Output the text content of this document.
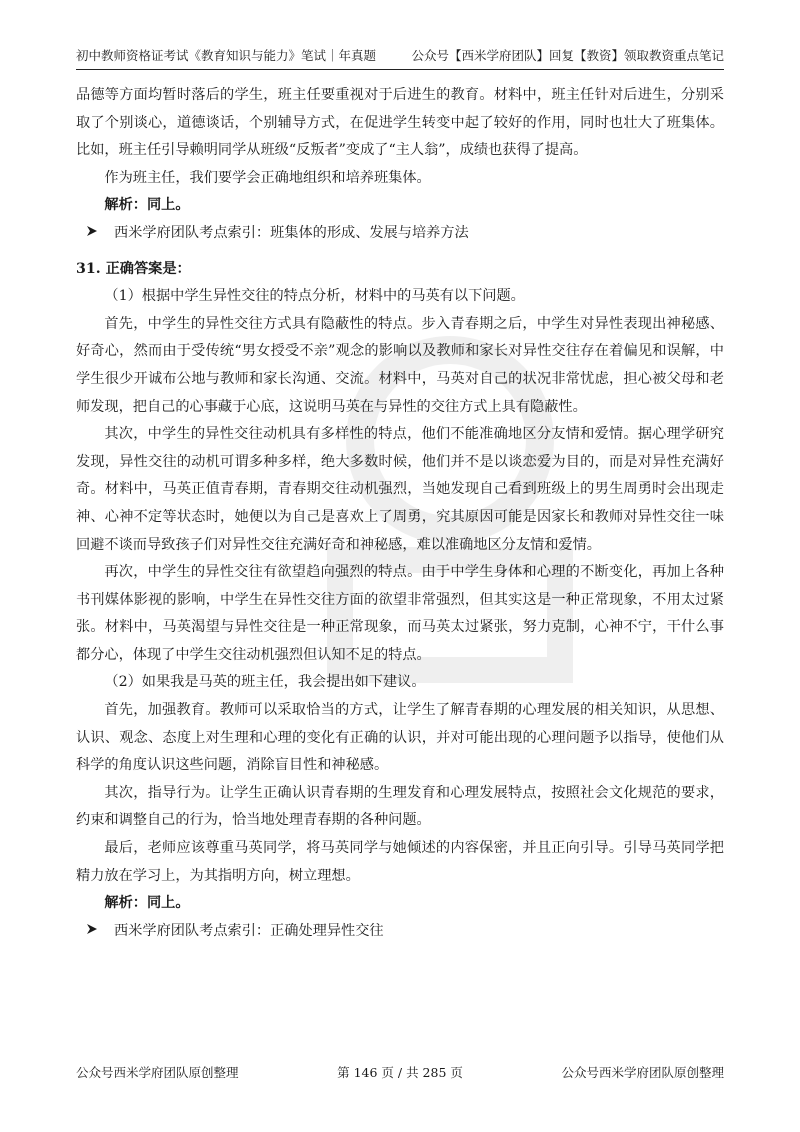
初中教师资格证考试《教育知识与能力》笔试｜年真题	公众号【西米学府团队】回复【教资】领取教资重点笔记

品德等方面均暂时落后的学生，班主任要重视对于后进生的教育。材料中，班主任针对后进生，分别采取了个别谈心，道德谈话，个别辅导方式，在促进学生转变中起了较好的作用，同时也壮大了班集体。比如，班主任引导赖明同学从班级“反叛者”变成了“主人翁”，成绩也获得了提高。

作为班主任，我们要学会正确地组织和培养班集体。

解析：同上。

西米学府团队考点索引：班集体的形成、发展与培养方法

31. 正确答案是：

（1）根据中学生异性交往的特点分析，材料中的马英有以下问题。

首先，中学生的异性交往方式具有隐蔽性的特点。步入青春期之后，中学生对异性表现出神秘感、好奇心，然而由于受传统“男女授受不亲”观念的影响以及教师和家长对异性交往存在着偏见和误解，中学生很少开诚布公地与教师和家长沟通、交流。材料中，马英对自己的状况非常忧虑，担心被父母和老师发现，把自己的心事藏于心底，这说明马英在与异性的交往方式上具有隐蔽性。

其次，中学生的异性交往动机具有多样性的特点，他们不能准确地区分友情和爱情。据心理学研究发现，异性交往的动机可谓多种多样，绝大多数时候，他们并不是以谈恋爱为目的，而是对异性充满好奇。材料中，马英正值青春期，青春期交往动机强烈，当她发现自己看到班级上的男生周勇时会出现走神、心神不定等状态时，她便以为自己是喜欢上了周勇，究其原因可能是因家长和教师对异性交往一味回避不谈而导致孩子们对异性交往充满好奇和神秘感，难以准确地区分友情和爱情。

再次，中学生的异性交往有欲望趋向强烈的特点。由于中学生身体和心理的不断变化，再加上各种书刊媒体影视的影响，中学生在异性交往方面的欲望非常强烈，但其实这是一种正常现象，不用太过紧张。材料中，马英渴望与异性交往是一种正常现象，而马英太过紧张，努力克制，心神不宁，干什么事都分心，体现了中学生交往动机强烈但认知不足的特点。

（2）如果我是马英的班主任，我会提出如下建议。

首先，加强教育。教师可以采取恰当的方式，让学生了解青春期的心理发展的相关知识，从思想、认识、观念、态度上对生理和心理的变化有正确的认识，并对可能出现的心理问题予以指导，使他们从科学的角度认识这些问题，消除盲目性和神秘感。

其次，指导行为。让学生正确认识青春期的生理发育和心理发展特点，按照社会文化规范的要求，约束和调整自己的行为，恰当地处理青春期的各种问题。

最后，老师应该尊重马英同学，将马英同学与她倾述的内容保密，并且正向引导。引导马英同学把精力放在学习上，为其指明方向，树立理想。

解析：同上。

西米学府团队考点索引：正确处理异性交往

公众号西米学府团队原创整理	第 146 页 / 共 285 页	公众号西米学府团队原创整理
